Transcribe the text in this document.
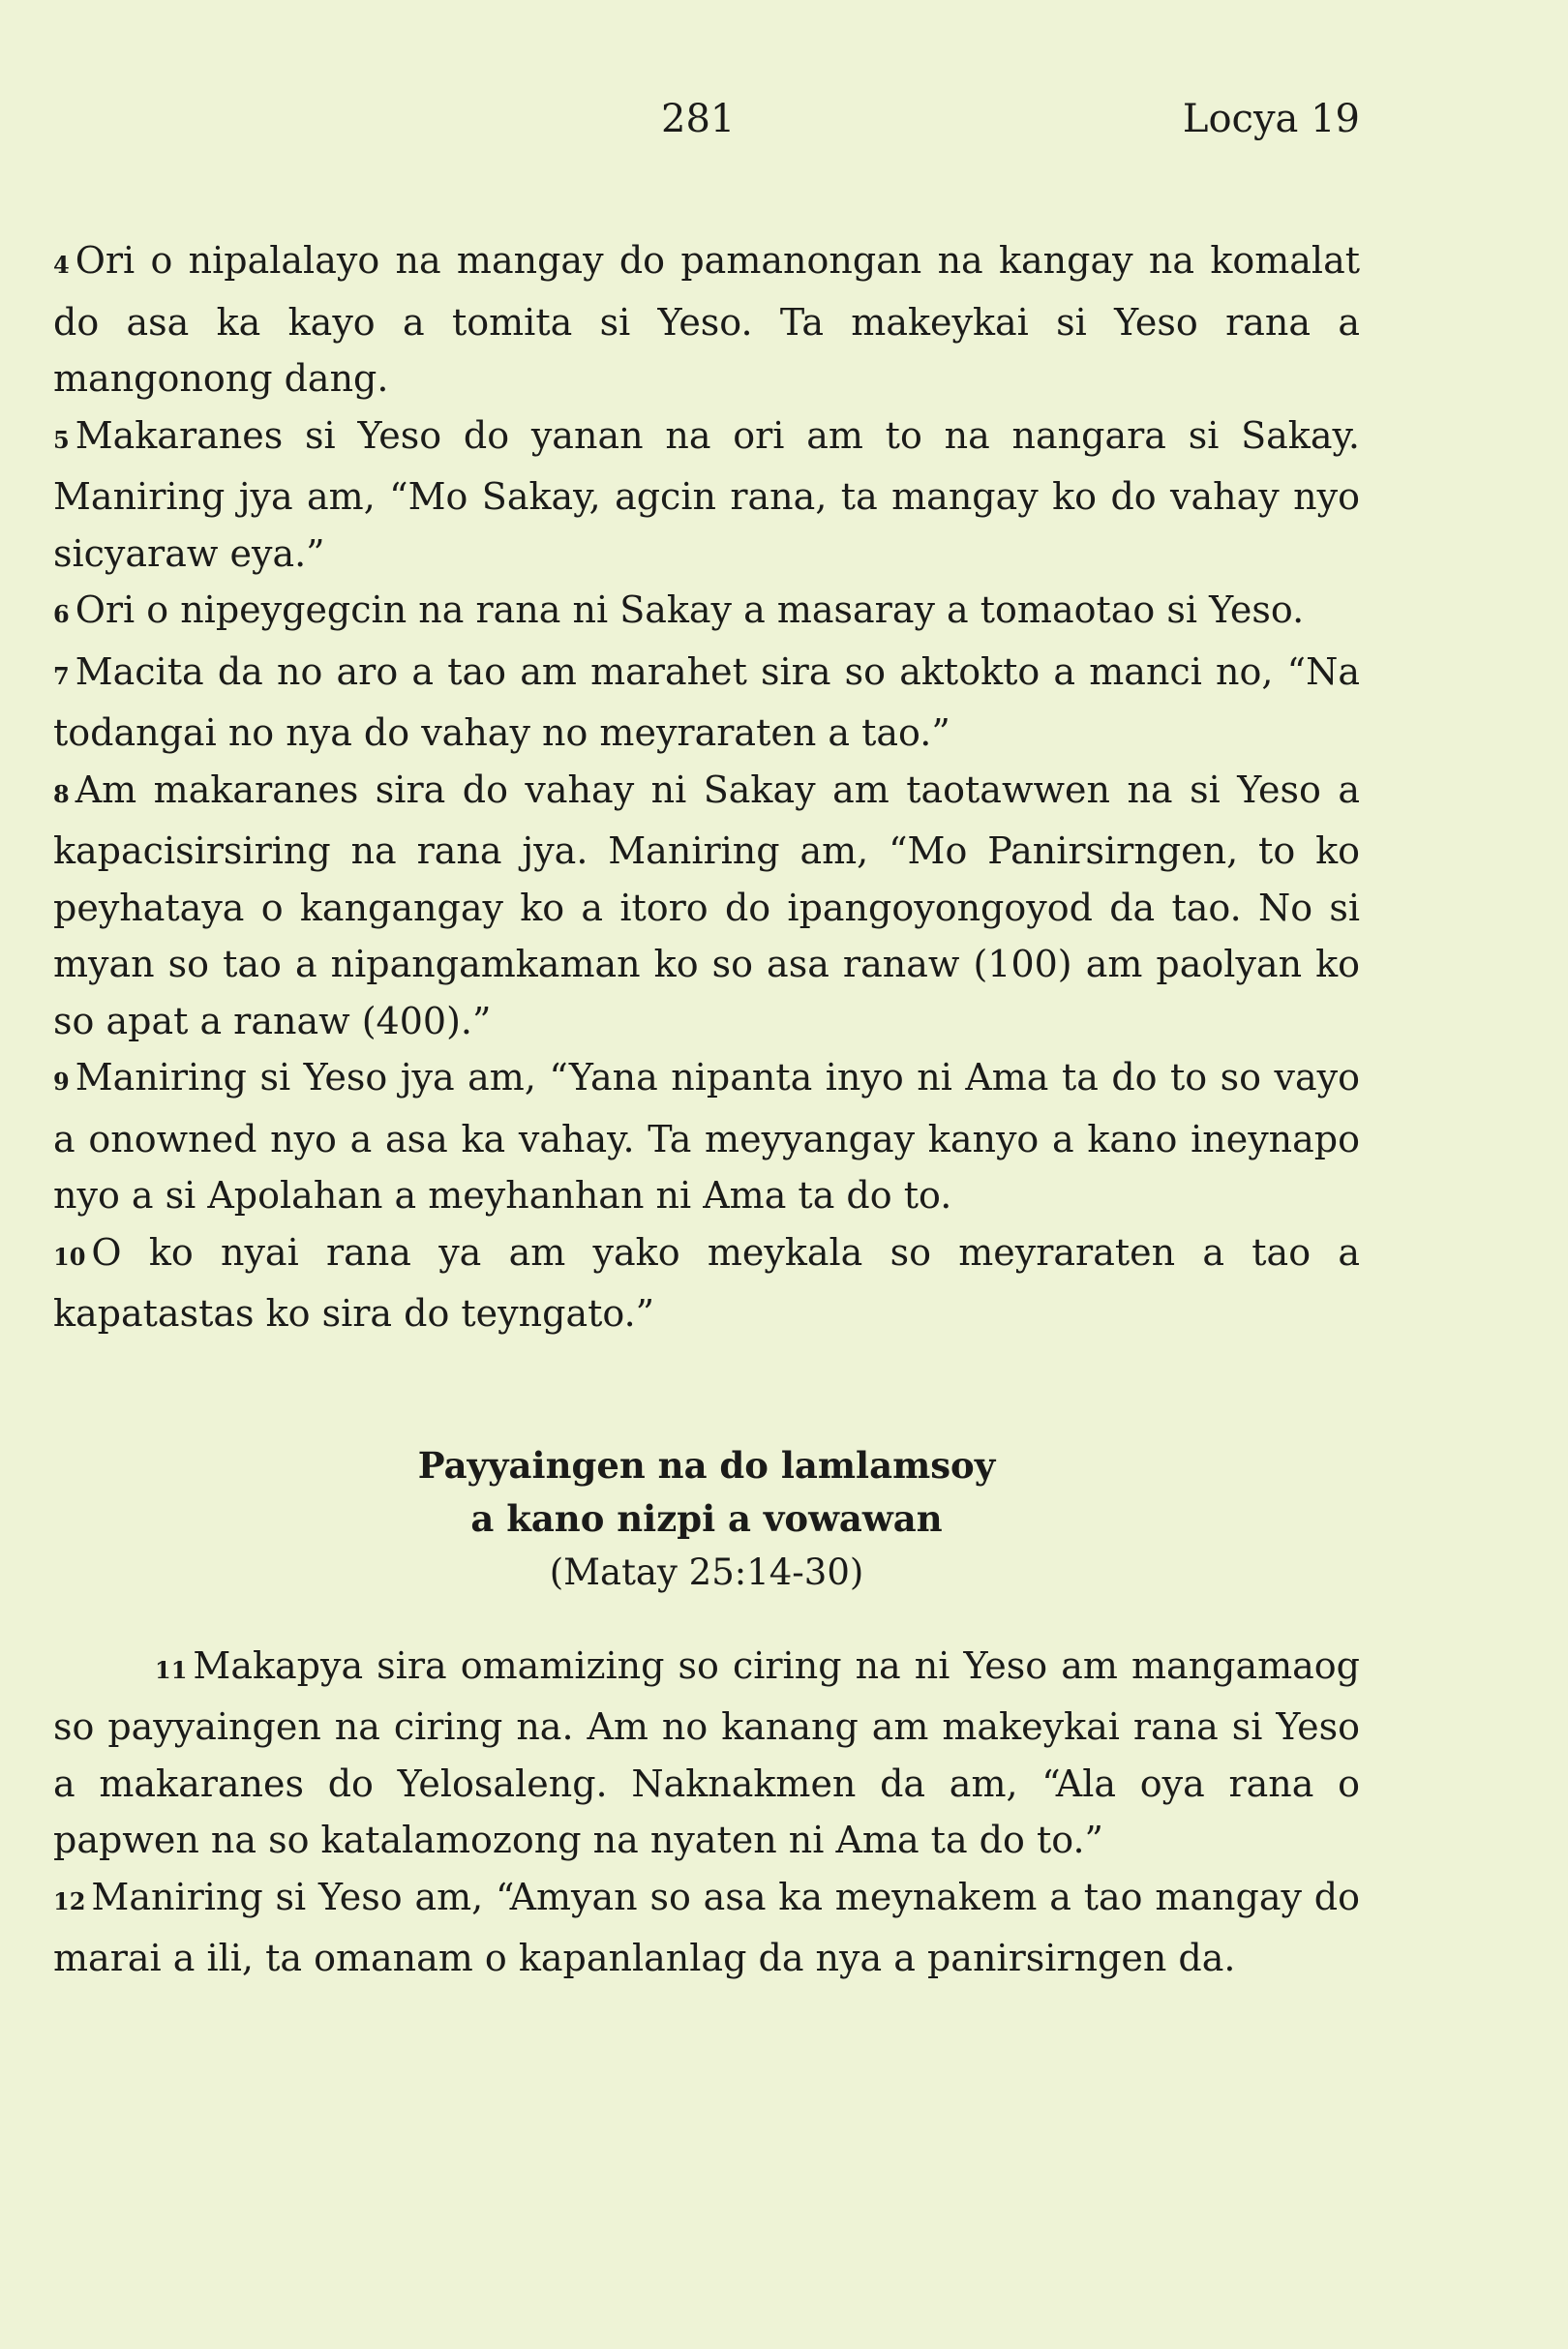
281	Locya 19

4 Ori o nipalalayo na mangay do pamanongan na kangay na komalat do asa ka kayo a tomita si Yeso. Ta makeykai si Yeso rana a mangonong dang.

5 Makaranes si Yeso do yanan na ori am to na nangara si Sakay. Maniring jya am, “Mo Sakay, agcin rana, ta mangay ko do vahay nyo sicyaraw eya.”

6 Ori o nipeygegcin na rana ni Sakay a masaray a tomaotao si Yeso.

7 Macita da no aro a tao am marahet sira so aktokto a manci no, “Na todangai no nya do vahay no meyraraten a tao.”

8 Am makaranes sira do vahay ni Sakay am taotawwen na si Yeso a kapacisirsiring na rana jya. Maniring am, “Mo Panirsirngen, to ko peyhataya o kangangay ko a itoro do ipangoyongoyod da tao. No si myan so tao a nipangamkaman ko so asa ranaw (100) am paolyan ko so apat a ranaw (400).”

9 Maniring si Yeso jya am, “Yana nipanta inyo ni Ama ta do to so vayo a onowned nyo a asa ka vahay. Ta meyyangay kanyo a kano ineynapo nyo a si Apolahan a meyhanhan ni Ama ta do to.

10 O ko nyai rana ya am yako meykala so meyraraten a tao a kapatastas ko sira do teyngato.”

Payyaingen na do lamlamsoy
a kano nizpi a vowawan
(Matay 25:14-30)

11 Makapya sira omamizing so ciring na ni Yeso am mangamaog so payyaingen na ciring na. Am no kanang am makeykai rana si Yeso a makaranes do Yelosaleng. Naknakmen da am, “Ala oya rana o papwen na so katalamozong na nyaten ni Ama ta do to.”

12 Maniring si Yeso am, “Amyan so asa ka meynakem a tao mangay do marai a ili, ta omanam o kapanlanlag da nya a panirsirngen da.
